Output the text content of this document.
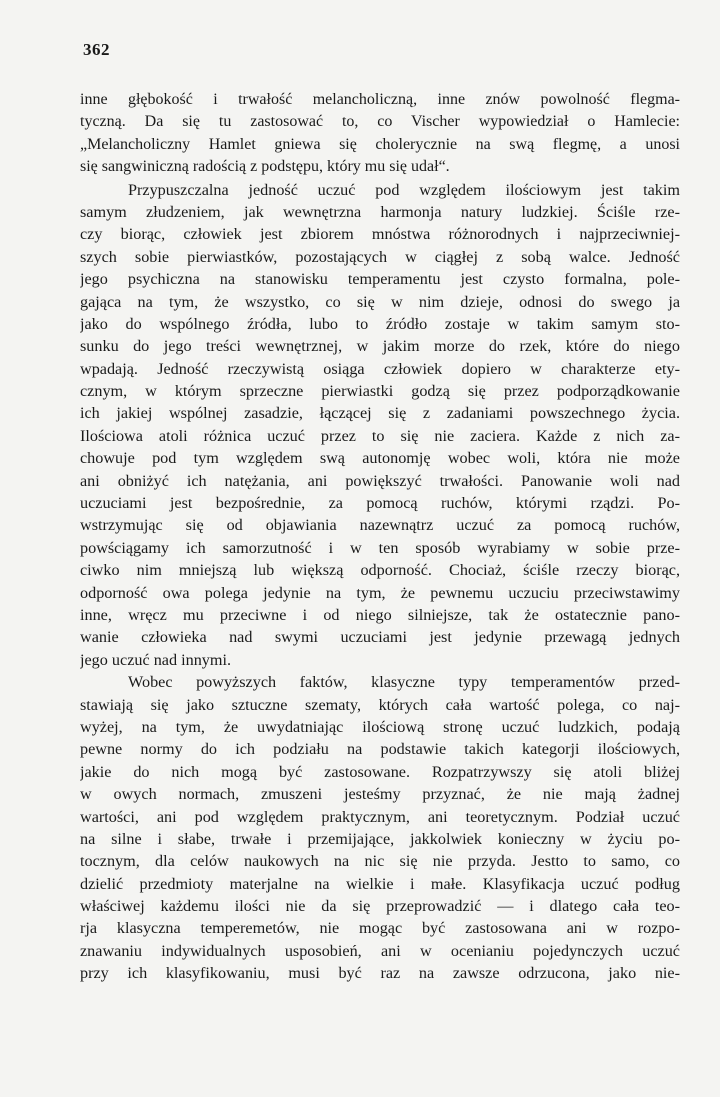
362
inne głębokość i trwałość melancholiczną, inne znów powolność flegma-
tyczną. Da się tu zastosować to, co Vischer wypowiedział o Hamlecie:
„Melancholiczny Hamlet gniewa się cholerycznie na swą flegmę, a unosi
się sangwiniczną radością z podstępu, który mu się udał“.
Przypuszczalna jedność uczuć pod względem ilościowym jest takim
samym złudzeniem, jak wewnętrzna harmonja natury ludzkiej. Ściśle rze-
czy biorąc, człowiek jest zbiorem mnóstwa różnorodnych i najprzeciwniej-
szych sobie pierwiastków, pozostających w ciągłej z sobą walce. Jedność
jego psychiczna na stanowisku temperamentu jest czysto formalna, pole-
gająca na tym, że wszystko, co się w nim dzieje, odnosi do swego ja
jako do wspólnego źródła, lubo to źródło zostaje w takim samym sto-
sunku do jego treści wewnętrznej, w jakim morze do rzek, które do niego
wpadają. Jedność rzeczywistą osiąga człowiek dopiero w charakterze ety-
cznym, w którym sprzeczne pierwiastki godzą się przez podporządkowanie
ich jakiej wspólnej zasadzie, łączącej się z zadaniami powszechnego życia.
Ilościowa atoli różnica uczuć przez to się nie zaciera. Każde z nich za-
chowuje pod tym względem swą autonomję wobec woli, która nie może
ani obniżyć ich natężania, ani powiększyć trwałości. Panowanie woli nad
uczuciami jest bezpośrednie, za pomocą ruchów, którymi rządzi. Po-
wstrzymując się od objawiania nazewnątrz uczuć za pomocą ruchów,
powściągamy ich samorzutność i w ten sposób wyrabiamy w sobie prze-
ciwko nim mniejszą lub większą odporność. Chociaż, ściśle rzeczy biorąc,
odporność owa polega jedynie na tym, że pewnemu uczuciu przeciwstawimy
inne, wręcz mu przeciwne i od niego silniejsze, tak że ostatecznie pano-
wanie człowieka nad swymi uczuciami jest jedynie przewagą jednych
jego uczuć nad innymi.
Wobec powyższych faktów, klasyczne typy temperamentów przed-
stawiają się jako sztuczne szematy, których cała wartość polega, co naj-
wyżej, na tym, że uwydatniając ilościową stronę uczuć ludzkich, podają
pewne normy do ich podziału na podstawie takich kategorji ilościowych,
jakie do nich mogą być zastosowane. Rozpatrzywszy się atoli bliżej
w owych normach, zmuszeni jesteśmy przyznać, że nie mają żadnej
wartości, ani pod względem praktycznym, ani teoretycznym. Podział uczuć
na silne i słabe, trwałe i przemijające, jakkolwiek konieczny w życiu po-
tocznym, dla celów naukowych na nic się nie przyda. Jestto to samo, co
dzielić przedmioty materjalne na wielkie i małe. Klasyfikacja uczuć podług
właściwej każdemu ilości nie da się przeprowadzić — i dlatego cała teo-
rja klasyczna temperemetów, nie mogąc być zastosowana ani w rozpo-
znawaniu indywidualnych usposobień, ani w ocenianiu pojedynczych uczuć
przy ich klasyfikowaniu, musi być raz na zawsze odrzucona, jako nie-
